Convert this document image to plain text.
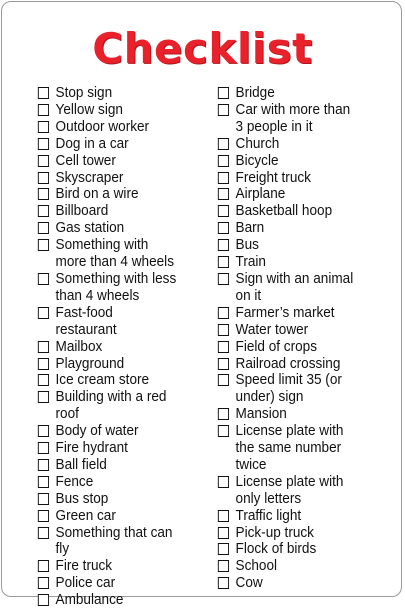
Checklist
Stop sign
Yellow sign
Outdoor worker
Dog in a car
Cell tower
Skyscraper
Bird on a wire
Billboard
Gas station
Something with more than 4 wheels
Something with less than 4 wheels
Fast-food restaurant
Mailbox
Playground
Ice cream store
Building with a red roof
Body of water
Fire hydrant
Ball field
Fence
Bus stop
Green car
Something that can fly
Fire truck
Police car
Ambulance
Bridge
Car with more than 3 people in it
Church
Bicycle
Freight truck
Airplane
Basketball hoop
Barn
Bus
Train
Sign with an animal on it
Farmer’s market
Water tower
Field of crops
Railroad crossing
Speed limit 35 (or under) sign
Mansion
License plate with the same number twice
License plate with only letters
Traffic light
Pick-up truck
Flock of birds
School
Cow
